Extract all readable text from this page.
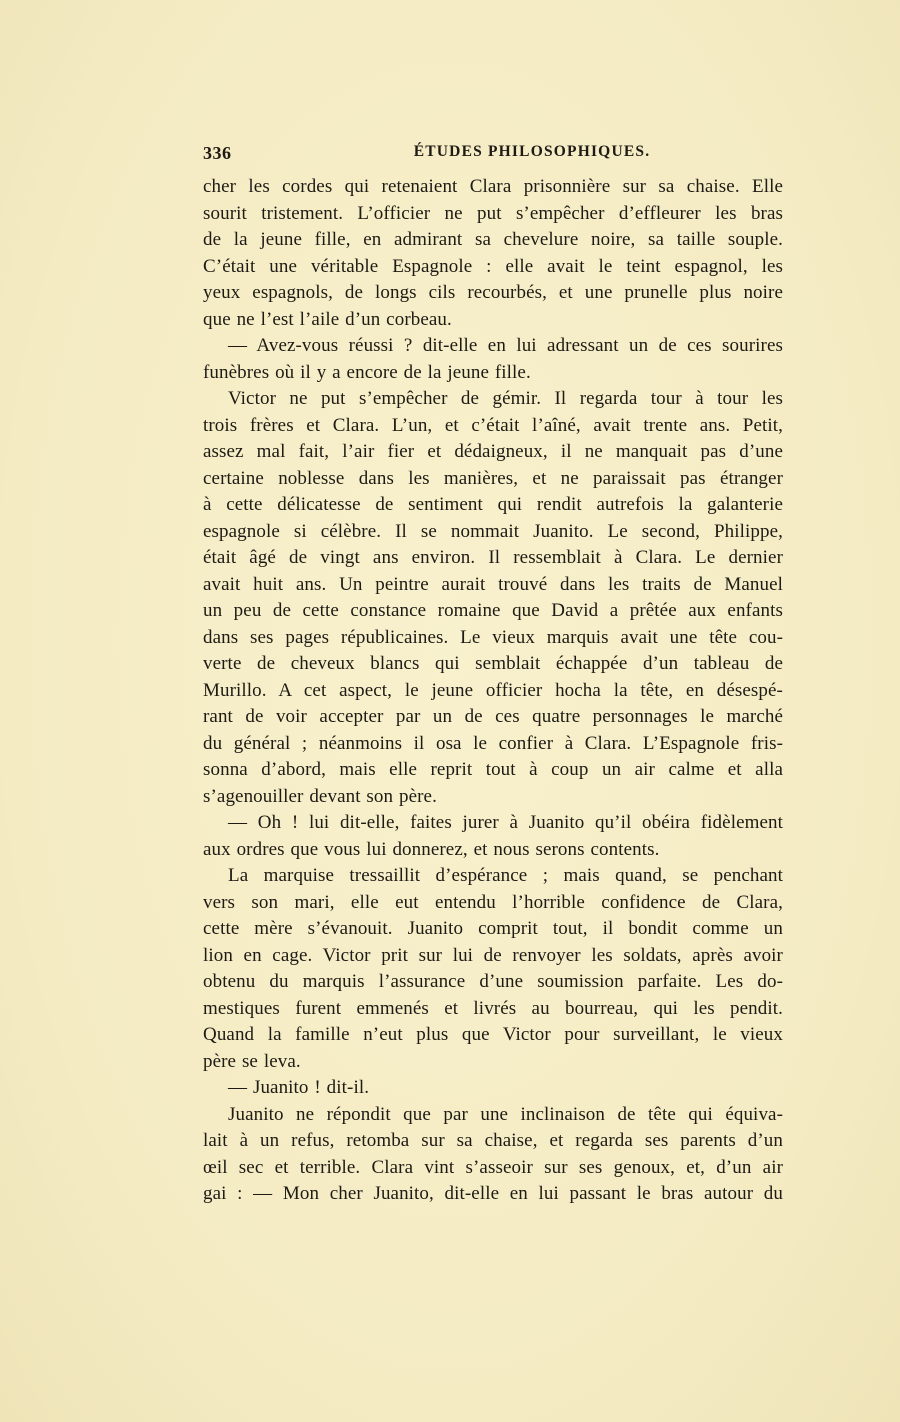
336	ÉTUDES PHILOSOPHIQUES.
cher les cordes qui retenaient Clara prisonnière sur sa chaise. Elle
sourit tristement. L’officier ne put s’empêcher d’effleurer les bras
de la jeune fille, en admirant sa chevelure noire, sa taille souple.
C’était une véritable Espagnole : elle avait le teint espagnol, les
yeux espagnols, de longs cils recourbés, et une prunelle plus noire
que ne l’est l’aile d’un corbeau.
— Avez-vous réussi ? dit-elle en lui adressant un de ces sourires
funèbres où il y a encore de la jeune fille.
Victor ne put s’empêcher de gémir. Il regarda tour à tour les
trois frères et Clara. L’un, et c’était l’aîné, avait trente ans. Petit,
assez mal fait, l’air fier et dédaigneux, il ne manquait pas d’une
certaine noblesse dans les manières, et ne paraissait pas étranger
à cette délicatesse de sentiment qui rendit autrefois la galanterie
espagnole si célèbre. Il se nommait Juanito. Le second, Philippe,
était âgé de vingt ans environ. Il ressemblait à Clara. Le dernier
avait huit ans. Un peintre aurait trouvé dans les traits de Manuel
un peu de cette constance romaine que David a prêtée aux enfants
dans ses pages républicaines. Le vieux marquis avait une tête cou-
verte de cheveux blancs qui semblait échappée d’un tableau de
Murillo. A cet aspect, le jeune officier hocha la tête, en désespé-
rant de voir accepter par un de ces quatre personnages le marché
du général ; néanmoins il osa le confier à Clara. L’Espagnole fris-
sonna d’abord, mais elle reprit tout à coup un air calme et alla
s’agenouiller devant son père.
— Oh ! lui dit-elle, faites jurer à Juanito qu’il obéira fidèlement
aux ordres que vous lui donnerez, et nous serons contents.
La marquise tressaillit d’espérance ; mais quand, se penchant
vers son mari, elle eut entendu l’horrible confidence de Clara,
cette mère s’évanouit. Juanito comprit tout, il bondit comme un
lion en cage. Victor prit sur lui de renvoyer les soldats, après avoir
obtenu du marquis l’assurance d’une soumission parfaite. Les do-
mestiques furent emmenés et livrés au bourreau, qui les pendit.
Quand la famille n’eut plus que Victor pour surveillant, le vieux
père se leva.
— Juanito ! dit-il.
Juanito ne répondit que par une inclinaison de tête qui équiva-
lait à un refus, retomba sur sa chaise, et regarda ses parents d’un
œil sec et terrible. Clara vint s’asseoir sur ses genoux, et, d’un air
gai : — Mon cher Juanito, dit-elle en lui passant le bras autour du
